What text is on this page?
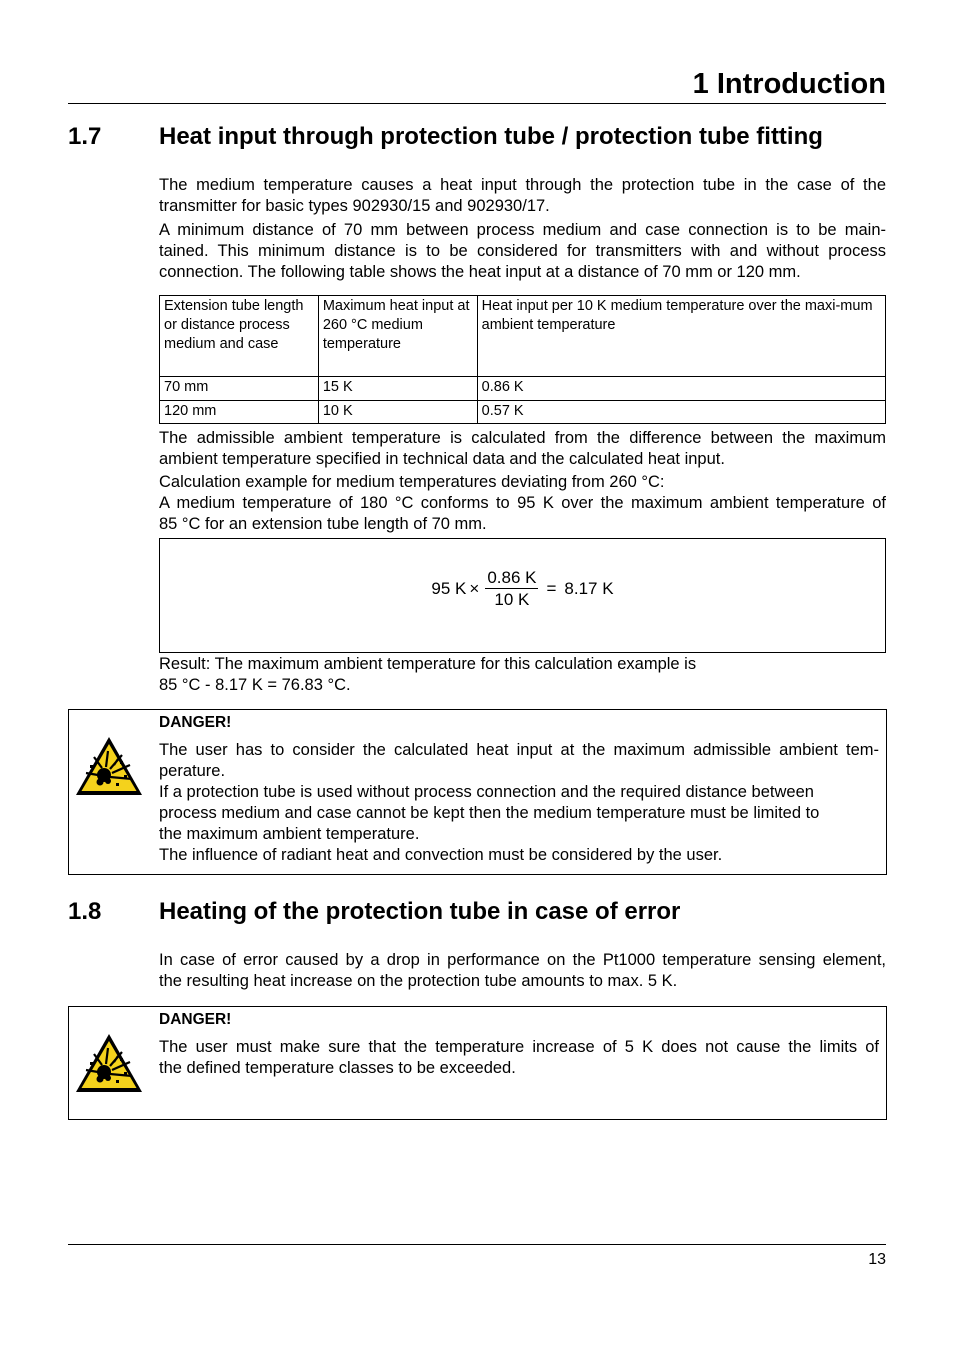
1 Introduction
1.7 Heat input through protection tube / protection tube fitting
The medium temperature causes a heat input through the protection tube in the case of the
transmitter for basic types 902930/15 and 902930/17.
A minimum distance of 70 mm between process medium and case connection is to be main-
tained. This minimum distance is to be considered for transmitters with and without process
connection. The following table shows the heat input at a distance of 70 mm or 120 mm.
Extension tube length or distance process medium and case	Maximum heat input at 260 °C medium temperature	Heat input per 10 K medium temperature over the maxi-mum ambient temperature
70 mm	15 K	0.86 K
120 mm	10 K	0.57 K
The admissible ambient temperature is calculated from the difference between the maximum
ambient temperature specified in technical data and the calculated heat input.
Calculation example for medium temperatures deviating from 260 °C:
A medium temperature of 180 °C conforms to 95 K over the maximum ambient temperature of
85 °C for an extension tube length of 70 mm.
95 $K \times \frac{0.86 K}{10 K} = 8.17$ K
Result: The maximum ambient temperature for this calculation example is
85 °C - 8.17 K = 76.83 °C.
DANGER!
The user has to consider the calculated heat input at the maximum admissible ambient tem-
perature.
If a protection tube is used without process connection and the required distance between
process medium and case cannot be kept then the medium temperature must be limited to
the maximum ambient temperature.
The influence of radiant heat and convection must be considered by the user.
1.8 Heating of the protection tube in case of error
In case of error caused by a drop in performance on the Pt1000 temperature sensing element,
the resulting heat increase on the protection tube amounts to max. 5 K.
DANGER!
The user must make sure that the temperature increase of 5 K does not cause the limits of
the defined temperature classes to be exceeded.
13
